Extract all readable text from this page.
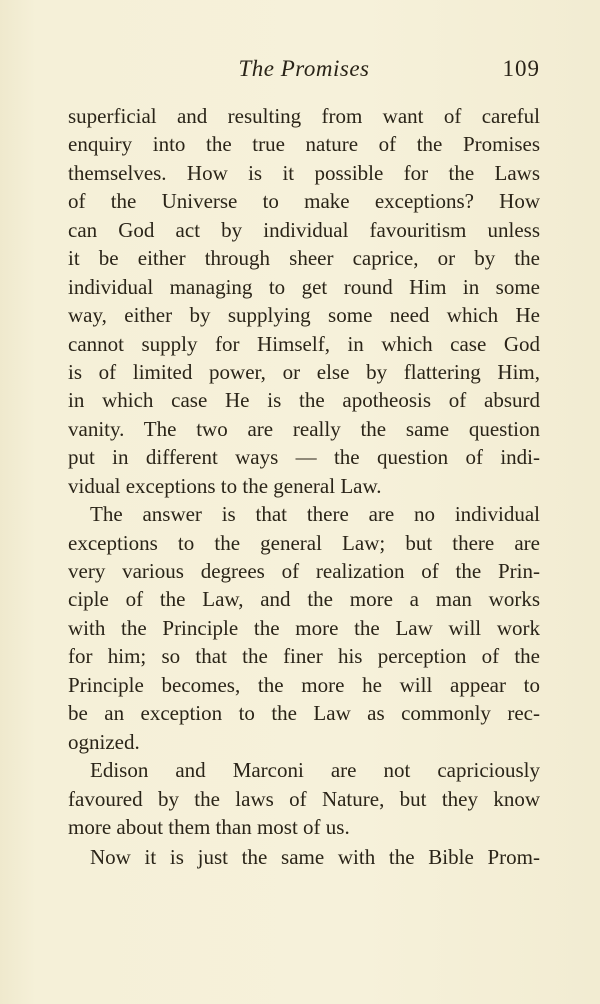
The Promises	109
superficial and resulting from want of careful
enquiry into the true nature of the Promises
themselves. How is it possible for the Laws
of the Universe to make exceptions? How
can God act by individual favouritism unless
it be either through sheer caprice, or by the
individual managing to get round Him in some
way, either by supplying some need which He
cannot supply for Himself, in which case God
is of limited power, or else by flattering Him,
in which case He is the apotheosis of absurd
vanity. The two are really the same question
put in different ways — the question of indi-
vidual exceptions to the general Law.
The answer is that there are no individual
exceptions to the general Law; but there are
very various degrees of realization of the Prin-
ciple of the Law, and the more a man works
with the Principle the more the Law will work
for him; so that the finer his perception of the
Principle becomes, the more he will appear to
be an exception to the Law as commonly rec-
ognized.
Edison and Marconi are not capriciously
favoured by the laws of Nature, but they know
more about them than most of us.
Now it is just the same with the Bible Prom-
